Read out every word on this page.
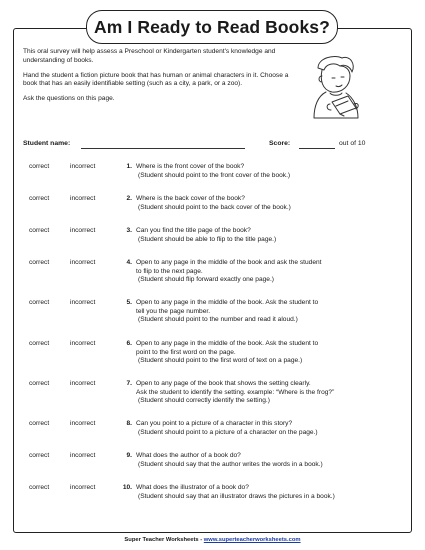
Am I Ready to Read Books?

This oral survey will help assess a Preschool or Kindergarten student's knowledge and understanding of books.

Hand the student a fiction picture book that has human or animal characters in it. Choose a book that has an easily identifiable setting (such as a city, a park, or a zoo).

Ask the questions on this page.

Student name:	Score:	out of 10
correct	incorrect	1. Where is the front cover of the book?
(Student should point to the front cover of the book.)
correct	incorrect	2. Where is the back cover of the book?
(Student should point to the back cover of the book.)
correct	incorrect	3. Can you find the title page of the book?
(Student should be able to flip to the title page.)
correct	incorrect	4. Open to any page in the middle of the book and ask the student
to flip to the next page.
(Student should flip forward exactly one page.)
correct	incorrect	5. Open to any page in the middle of the book. Ask the student to
tell you the page number.
(Student should point to the number and read it aloud.)
correct	incorrect	6. Open to any page in the middle of the book. Ask the student to
point to the first word on the page.
(Student should point to the first word of text on a page.)
correct	incorrect	7. Open to any page of the book that shows the setting clearly.
Ask the student to identify the setting. example: “Where is the frog?”
(Student should correctly identify the setting.)
correct	incorrect	8. Can you point to a picture of a character in this story?
(Student should point to a picture of a character on the page.)
correct	incorrect	9. What does the author of a book do?
(Student should say that the author writes the words in a book.)
correct	incorrect	10. What does the illustrator of a book do?
(Student should say that an illustrator draws the pictures in a book.)
Super Teacher Worksheets - www.superteacherworksheets.com
